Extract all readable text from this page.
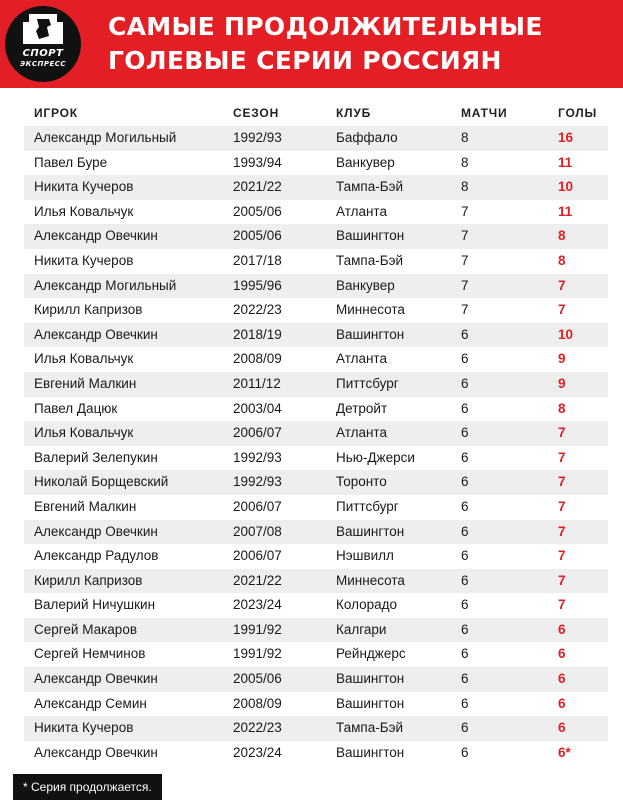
СПОРТ
ЭКСПРЕСС
САМЫЕ ПРОДОЛЖИТЕЛЬНЫЕ
ГОЛЕВЫЕ СЕРИИ РОССИЯН
ИГРОК	СЕЗОН	КЛУБ	МАТЧИ	ГОЛЫ
Александр Могильный	1992/93	Баффало	8	16
Павел Буре	1993/94	Ванкувер	8	11
Никита Кучеров	2021/22	Тампа-Бэй	8	10
Илья Ковальчук	2005/06	Атланта	7	11
Александр Овечкин	2005/06	Вашингтон	7	8
Никита Кучеров	2017/18	Тампа-Бэй	7	8
Александр Могильный	1995/96	Ванкувер	7	7
Кирилл Капризов	2022/23	Миннесота	7	7
Александр Овечкин	2018/19	Вашингтон	6	10
Илья Ковальчук	2008/09	Атланта	6	9
Евгений Малкин	2011/12	Питтсбург	6	9
Павел Дацюк	2003/04	Детройт	6	8
Илья Ковальчук	2006/07	Атланта	6	7
Валерий Зелепукин	1992/93	Нью-Джерси	6	7
Николай Борщевский	1992/93	Торонто	6	7
Евгений Малкин	2006/07	Питтсбург	6	7
Александр Овечкин	2007/08	Вашингтон	6	7
Александр Радулов	2006/07	Нэшвилл	6	7
Кирилл Капризов	2021/22	Миннесота	6	7
Валерий Ничушкин	2023/24	Колорадо	6	7
Сергей Макаров	1991/92	Калгари	6	6
Сергей Немчинов	1991/92	Рейнджерс	6	6
Александр Овечкин	2005/06	Вашингтон	6	6
Александр Семин	2008/09	Вашингтон	6	6
Никита Кучеров	2022/23	Тампа-Бэй	6	6
Александр Овечкин	2023/24	Вашингтон	6	6*
* Серия продолжается.
